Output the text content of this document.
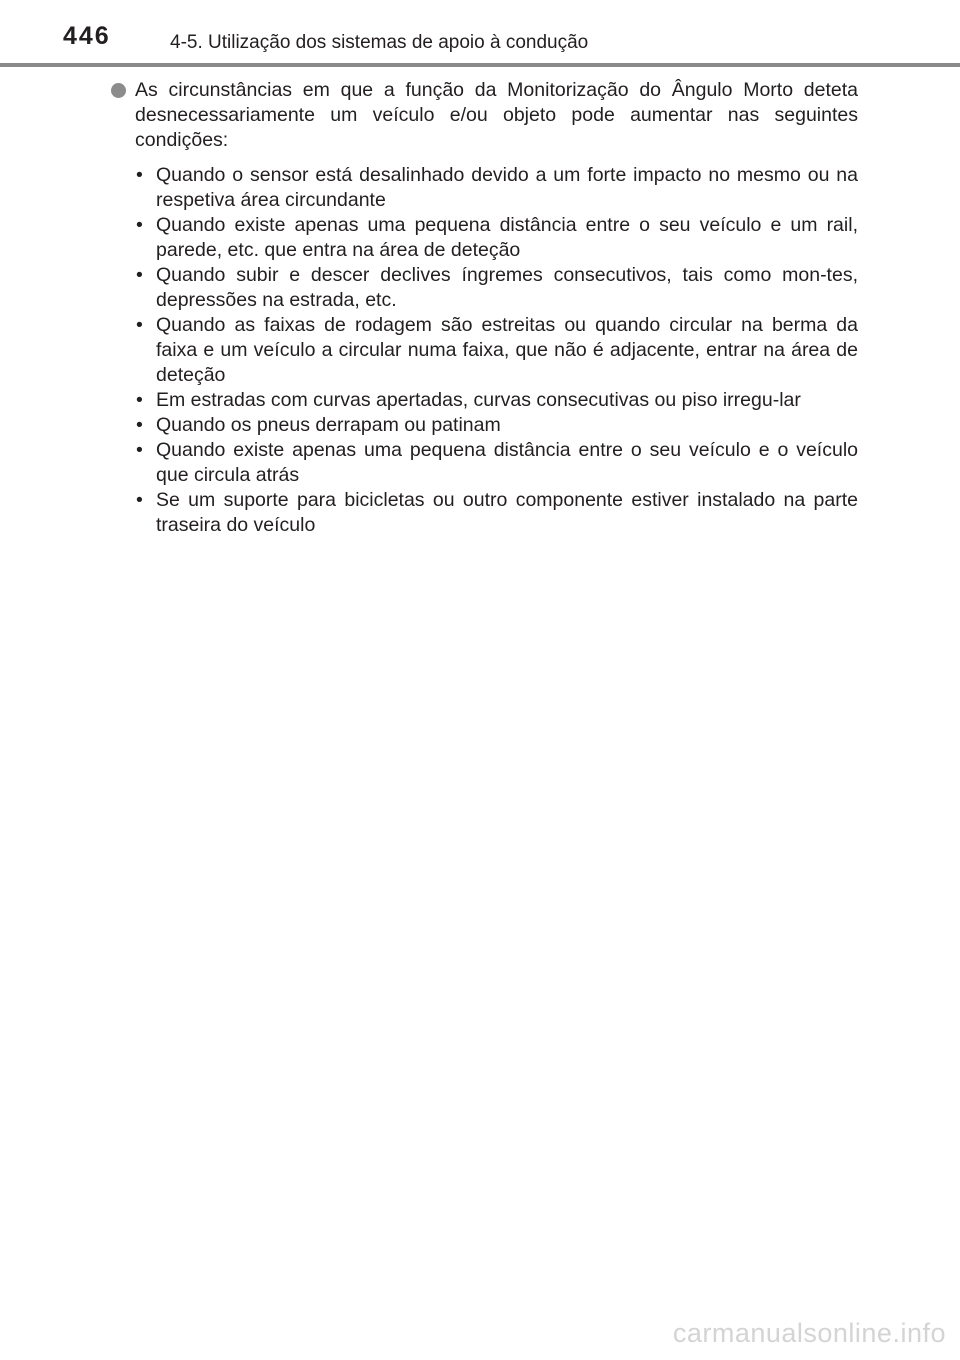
446	4-5. Utilização dos sistemas de apoio à condução
As circunstâncias em que a função da Monitorização do Ângulo Morto deteta desnecessariamente um veículo e/ou objeto pode aumentar nas seguintes condições:
• Quando o sensor está desalinhado devido a um forte impacto no mesmo ou na respetiva área circundante
• Quando existe apenas uma pequena distância entre o seu veículo e um rail, parede, etc. que entra na área de deteção
• Quando subir e descer declives íngremes consecutivos, tais como mon-tes, depressões na estrada, etc.
• Quando as faixas de rodagem são estreitas ou quando circular na berma da faixa e um veículo a circular numa faixa, que não é adjacente, entrar na área de deteção
• Em estradas com curvas apertadas, curvas consecutivas ou piso irregu-lar
• Quando os pneus derrapam ou patinam
• Quando existe apenas uma pequena distância entre o seu veículo e o veículo que circula atrás
• Se um suporte para bicicletas ou outro componente estiver instalado na parte traseira do veículo
carmanualsonline.info
